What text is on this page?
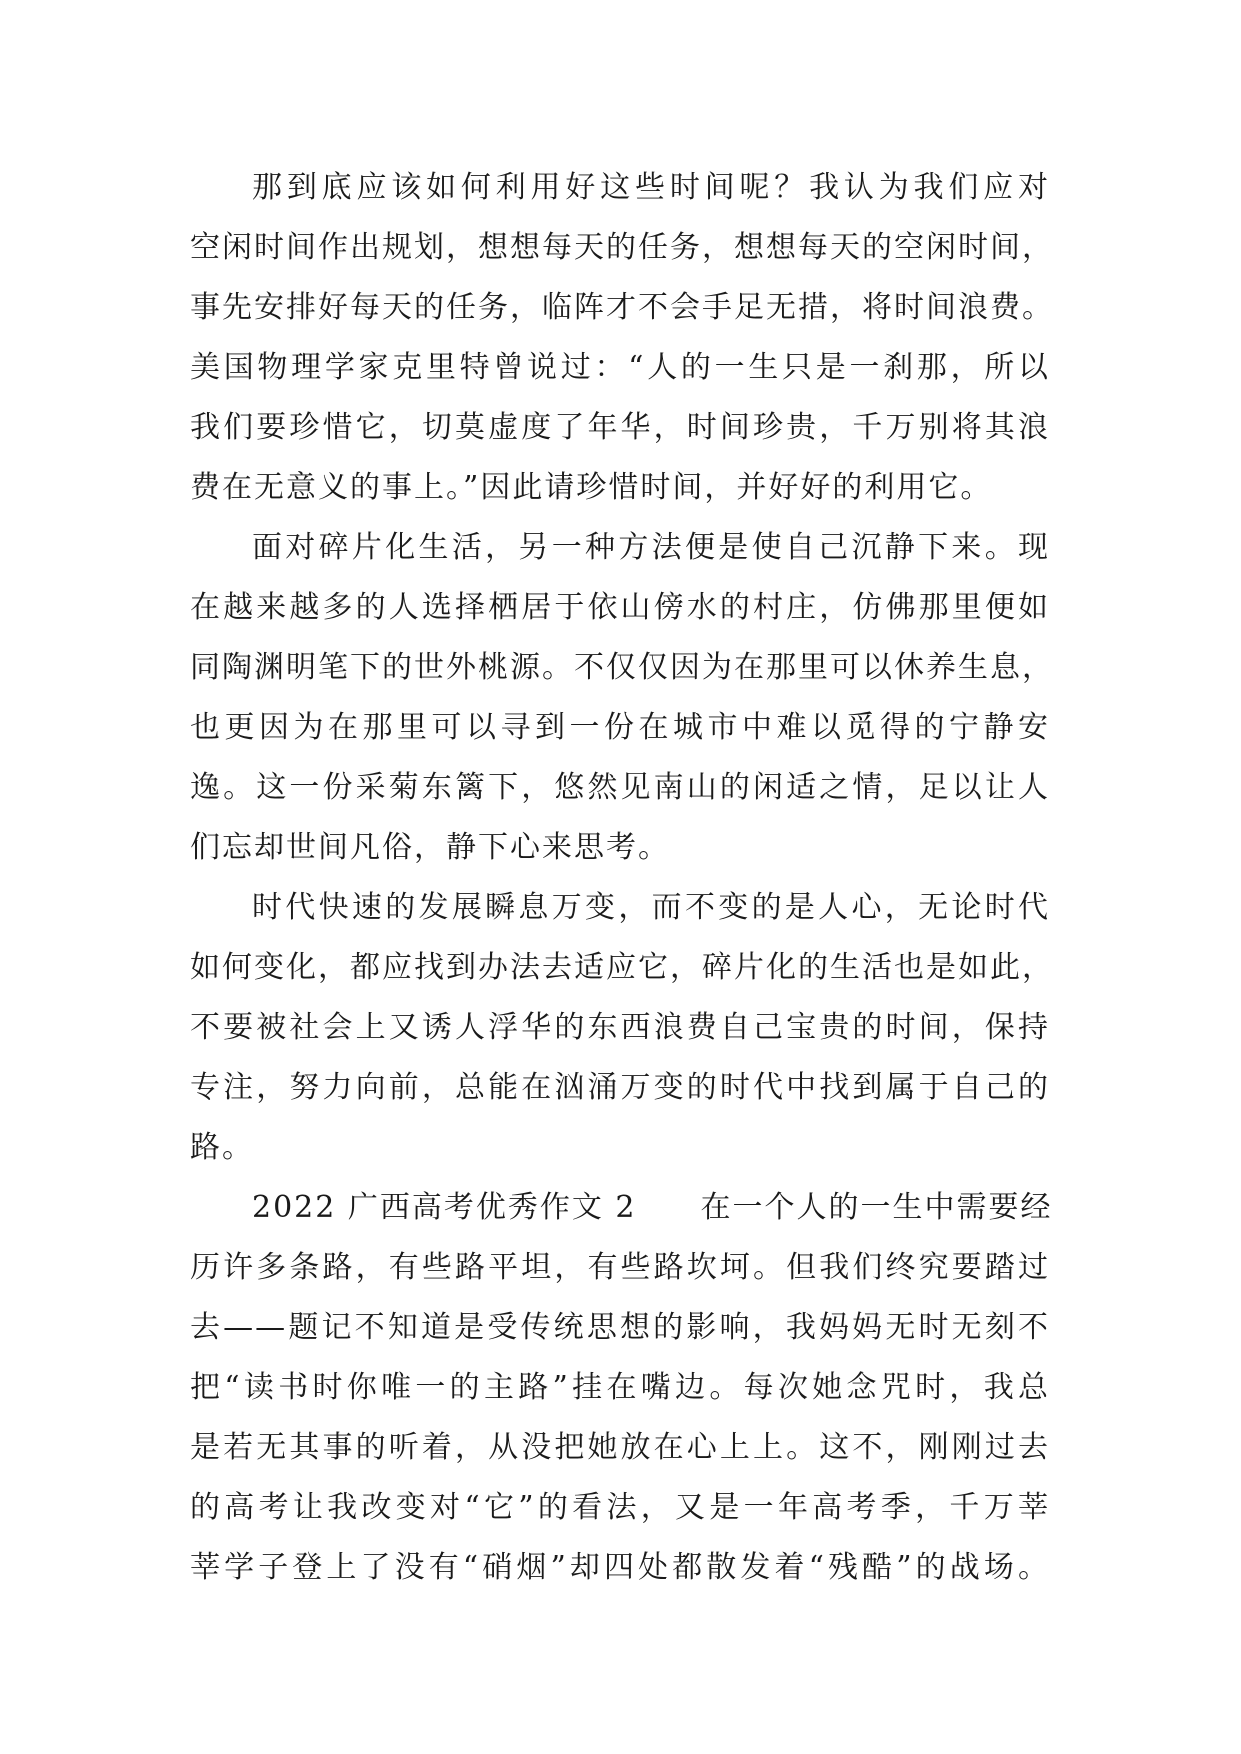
那到底应该如何利用好这些时间呢？我认为我们应对
空闲时间作出规划，想想每天的任务，想想每天的空闲时间，
事先安排好每天的任务，临阵才不会手足无措，将时间浪费。
美国物理学家克里特曾说过：“人的一生只是一刹那，所以
我们要珍惜它，切莫虚度了年华，时间珍贵，千万别将其浪
费在无意义的事上。”因此请珍惜时间，并好好的利用它。
面对碎片化生活，另一种方法便是使自己沉静下来。现
在越来越多的人选择栖居于依山傍水的村庄，仿佛那里便如
同陶渊明笔下的世外桃源。不仅仅因为在那里可以休养生息，
也更因为在那里可以寻到一份在城市中难以觅得的宁静安
逸。这一份采菊东篱下，悠然见南山的闲适之情，足以让人
们忘却世间凡俗，静下心来思考。
时代快速的发展瞬息万变，而不变的是人心，无论时代
如何变化，都应找到办法去适应它，碎片化的生活也是如此，
不要被社会上又诱人浮华的东西浪费自己宝贵的时间，保持
专注，努力向前，总能在汹涌万变的时代中找到属于自己的
路。
2022 广西高考优秀作文 2　　在一个人的一生中需要经
历许多条路，有些路平坦，有些路坎坷。但我们终究要踏过
去——题记不知道是受传统思想的影响，我妈妈无时无刻不
把“读书时你唯一的主路”挂在嘴边。每次她念咒时，我总
是若无其事的听着，从没把她放在心上上。这不，刚刚过去
的高考让我改变对“它”的看法，又是一年高考季，千万莘
莘学子登上了没有“硝烟”却四处都散发着“残酷”的战场。
